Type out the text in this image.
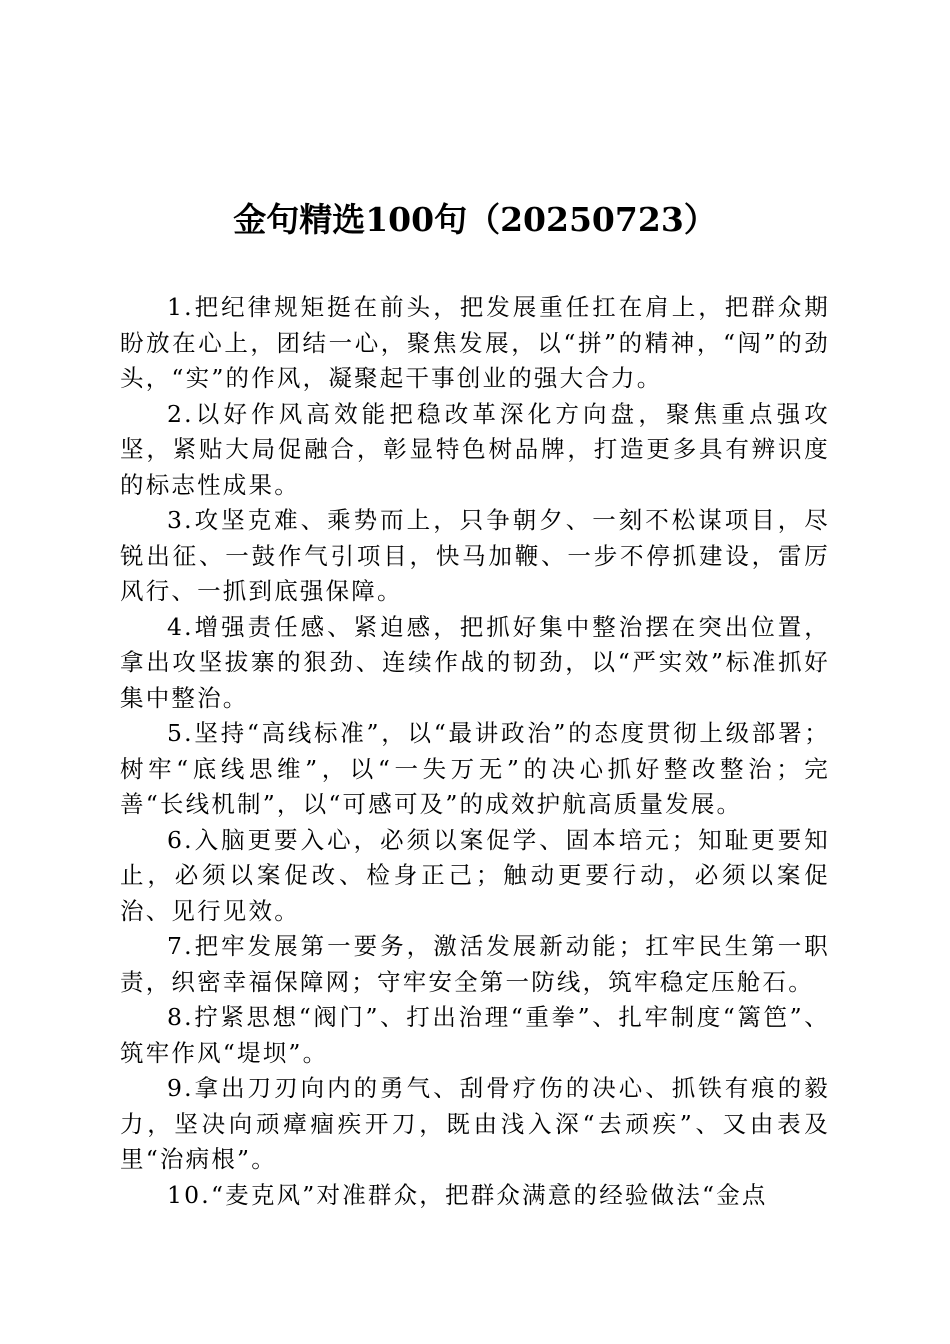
金句精选100句（20250723）

1.把纪律规矩挺在前头，把发展重任扛在肩上，把群众期盼放在心上，团结一心，聚焦发展，以“拼”的精神，“闯”的劲头，“实”的作风，凝聚起干事创业的强大合力。

2.以好作风高效能把稳改革深化方向盘，聚焦重点强攻坚，紧贴大局促融合，彰显特色树品牌，打造更多具有辨识度的标志性成果。

3.攻坚克难、乘势而上，只争朝夕、一刻不松谋项目，尽锐出征、一鼓作气引项目，快马加鞭、一步不停抓建设，雷厉风行、一抓到底强保障。

4.增强责任感、紧迫感，把抓好集中整治摆在突出位置，拿出攻坚拔寨的狠劲、连续作战的韧劲，以“严实效”标准抓好集中整治。

5.坚持“高线标准”，以“最讲政治”的态度贯彻上级部署；树牢“底线思维”，以“一失万无”的决心抓好整改整治；完善“长线机制”，以“可感可及”的成效护航高质量发展。

6.入脑更要入心，必须以案促学、固本培元；知耻更要知止，必须以案促改、检身正己；触动更要行动，必须以案促治、见行见效。

7.把牢发展第一要务，激活发展新动能；扛牢民生第一职责，织密幸福保障网；守牢安全第一防线，筑牢稳定压舱石。

8.拧紧思想“阀门”、打出治理“重拳”、扎牢制度“篱笆”、筑牢作风“堤坝”。

9.拿出刀刃向内的勇气、刮骨疗伤的决心、抓铁有痕的毅力，坚决向顽瘴痼疾开刀，既由浅入深“去顽疾”、又由表及里“治病根”。

10.“麦克风”对准群众，把群众满意的经验做法“金点
